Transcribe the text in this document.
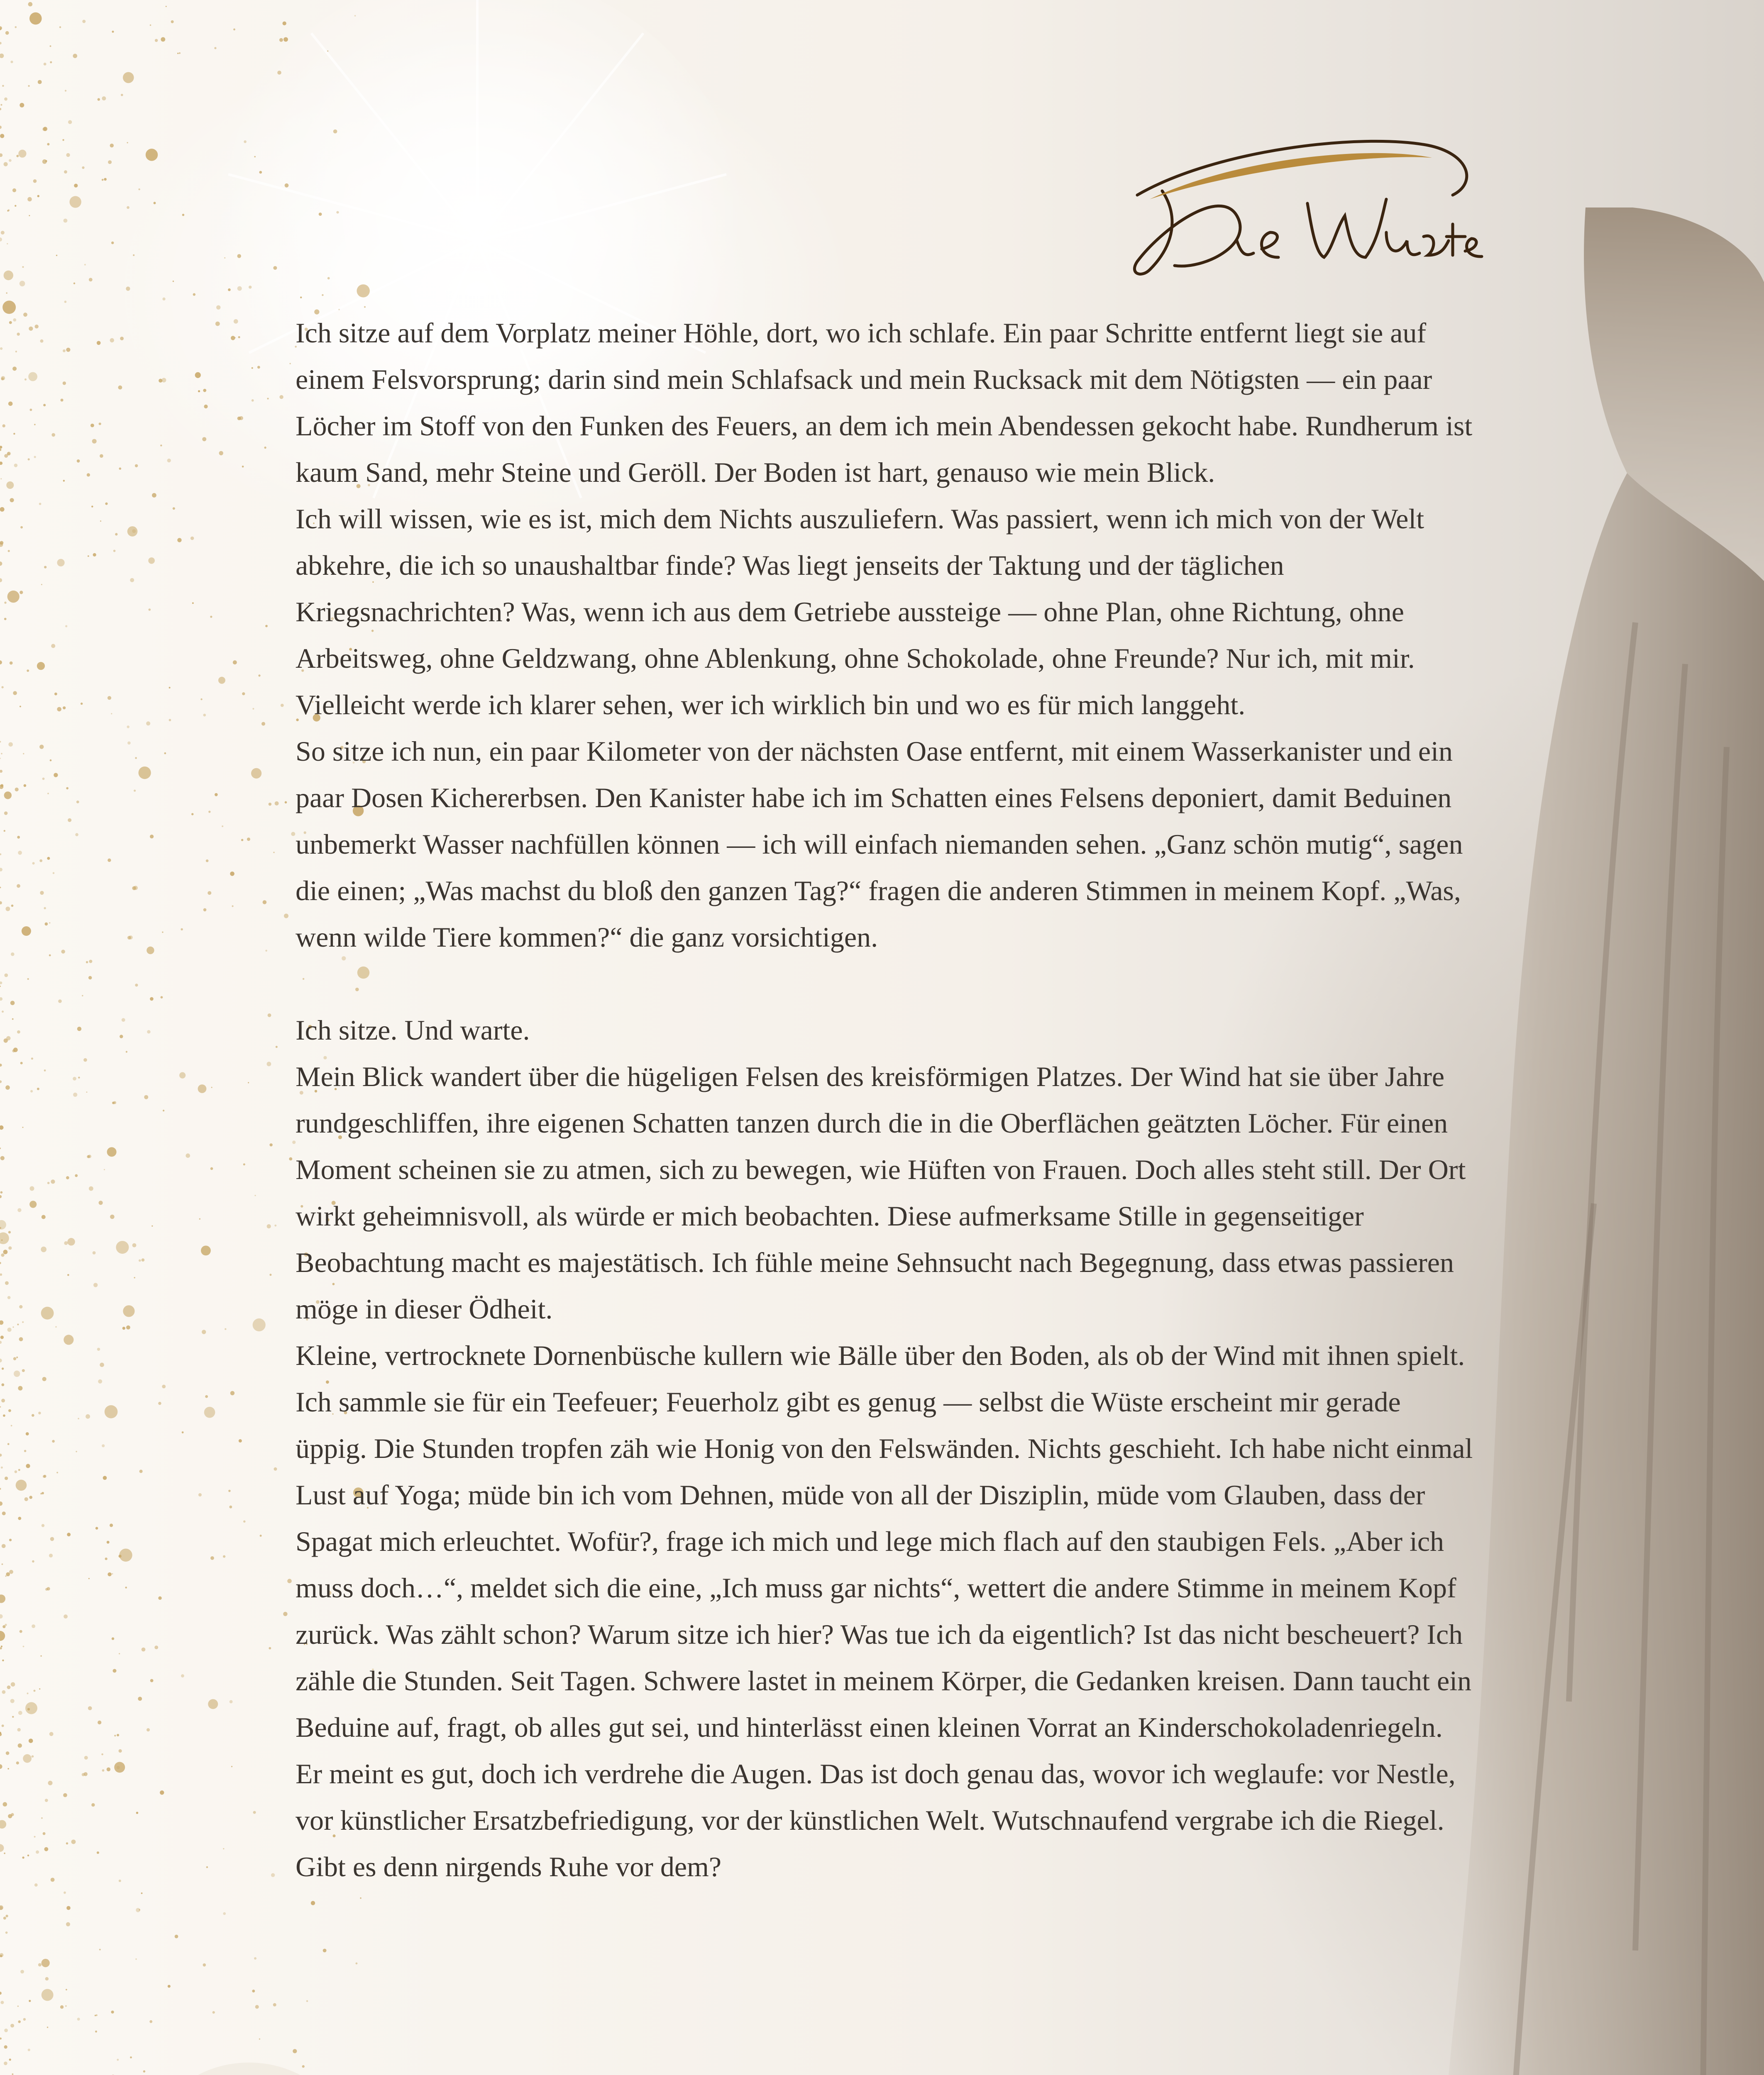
Ich sitze auf dem Vorplatz meiner Höhle, dort, wo ich schlafe. Ein paar Schritte entfernt liegt sie auf einem Felsvorsprung; darin sind mein Schlafsack und mein Rucksack mit dem Nötigsten — ein paar Löcher im Stoff von den Funken des Feuers, an dem ich mein Abendessen gekocht habe. Rundherum ist kaum Sand, mehr Steine und Geröll. Der Boden ist hart, genauso wie mein Blick.

Ich will wissen, wie es ist, mich dem Nichts auszuliefern. Was passiert, wenn ich mich von der Welt abkehre, die ich so unaushaltbar finde? Was liegt jenseits der Taktung und der täglichen Kriegsnachrichten? Was, wenn ich aus dem Getriebe aussteige — ohne Plan, ohne Richtung, ohne Arbeitsweg, ohne Geldzwang, ohne Ablenkung, ohne Schokolade, ohne Freunde? Nur ich, mit mir. Vielleicht werde ich klarer sehen, wer ich wirklich bin und wo es für mich langgeht.

So sitze ich nun, ein paar Kilometer von der nächsten Oase entfernt, mit einem Wasserkanister und ein paar Dosen Kichererbsen. Den Kanister habe ich im Schatten eines Felsens deponiert, damit Beduinen unbemerkt Wasser nachfüllen können — ich will einfach niemanden sehen. „Ganz schön mutig“, sagen die einen; „Was machst du bloß den ganzen Tag?“ fragen die anderen Stimmen in meinem Kopf. „Was, wenn wilde Tiere kommen?“ die ganz vorsichtigen.

Ich sitze. Und warte.

Mein Blick wandert über die hügeligen Felsen des kreisförmigen Platzes. Der Wind hat sie über Jahre rundgeschliffen, ihre eigenen Schatten tanzen durch die in die Oberflächen geätzten Löcher. Für einen Moment scheinen sie zu atmen, sich zu bewegen, wie Hüften von Frauen. Doch alles steht still. Der Ort wirkt geheimnisvoll, als würde er mich beobachten. Diese aufmerksame Stille in gegenseitiger Beobachtung macht es majestätisch. Ich fühle meine Sehnsucht nach Begegnung, dass etwas passieren möge in dieser Ödheit.

Kleine, vertrocknete Dornenbüsche kullern wie Bälle über den Boden, als ob der Wind mit ihnen spielt. Ich sammle sie für ein Teefeuer; Feuerholz gibt es genug — selbst die Wüste erscheint mir gerade üppig. Die Stunden tropfen zäh wie Honig von den Felswänden. Nichts geschieht. Ich habe nicht einmal Lust auf Yoga; müde bin ich vom Dehnen, müde von all der Disziplin, müde vom Glauben, dass der Spagat mich erleuchtet. Wofür?, frage ich mich und lege mich flach auf den staubigen Fels. „Aber ich muss doch…“, meldet sich die eine, „Ich muss gar nichts“, wettert die andere Stimme in meinem Kopf zurück. Was zählt schon? Warum sitze ich hier? Was tue ich da eigentlich? Ist das nicht bescheuert? Ich zähle die Stunden. Seit Tagen. Schwere lastet in meinem Körper, die Gedanken kreisen. Dann taucht ein Beduine auf, fragt, ob alles gut sei, und hinterlässt einen kleinen Vorrat an Kinderschokoladenriegeln. Er meint es gut, doch ich verdrehe die Augen. Das ist doch genau das, wovor ich weglaufe: vor Nestle, vor künstlicher Ersatzbefriedigung, vor der künstlichen Welt. Wutschnaufend vergrabe ich die Riegel. Gibt es denn nirgends Ruhe vor dem?
